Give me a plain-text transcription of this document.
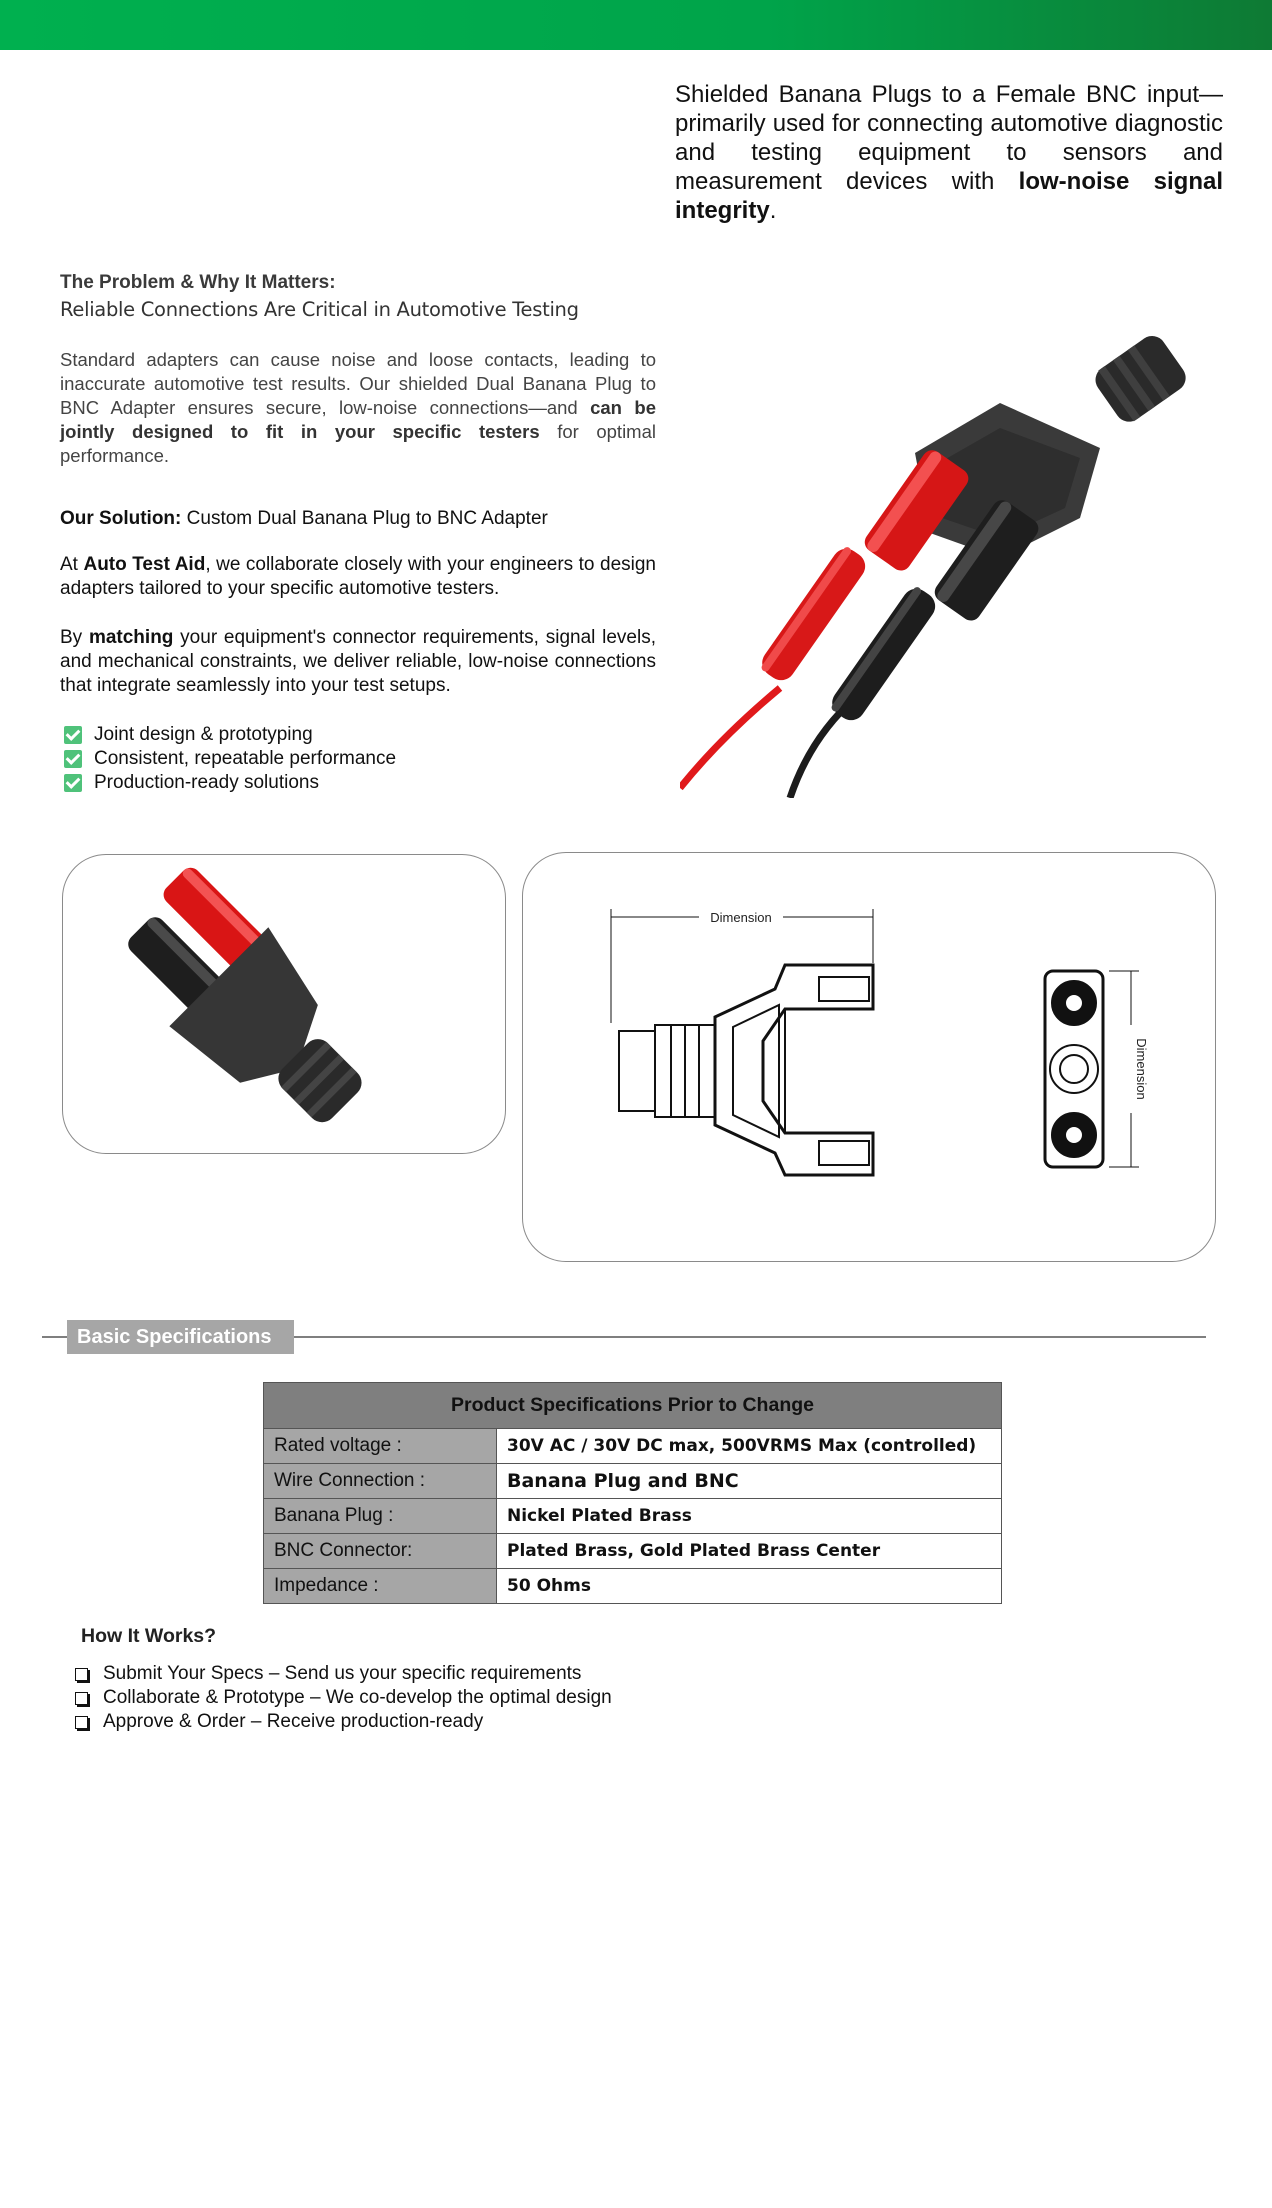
Shielded Banana Plugs to a Female BNC input—primarily used for connecting automotive diagnostic and testing equipment to sensors and measurement devices with low-noise signal integrity.

The Problem & Why It Matters:
Reliable Connections Are Critical in Automotive Testing

Standard adapters can cause noise and loose contacts, leading to inaccurate automotive test results. Our shielded Dual Banana Plug to BNC Adapter ensures secure, low-noise connections—and can be jointly designed to fit in your specific testers for optimal performance.

Our Solution: Custom Dual Banana Plug to BNC Adapter

At Auto Test Aid, we collaborate closely with your engineers to design adapters tailored to your specific automotive testers.

By matching your equipment's connector requirements, signal levels, and mechanical constraints, we deliver reliable, low-noise connections that integrate seamlessly into your test setups.

Joint design & prototyping
Consistent, repeatable performance
Production-ready solutions
Dimension
Dimension
Basic Specifications
Product Specifications Prior to Change	
Rated voltage :	30V AC / 30V DC max, 500VRMS Max (controlled)
Wire Connection :	Banana Plug and BNC
Banana Plug :	Nickel Plated Brass
BNC Connector:	Plated Brass, Gold Plated Brass Center
Impedance :	50 Ohms
How It Works?
Submit Your Specs – Send us your specific requirements
Collaborate & Prototype – We co-develop the optimal design
Approve & Order – Receive production-ready
